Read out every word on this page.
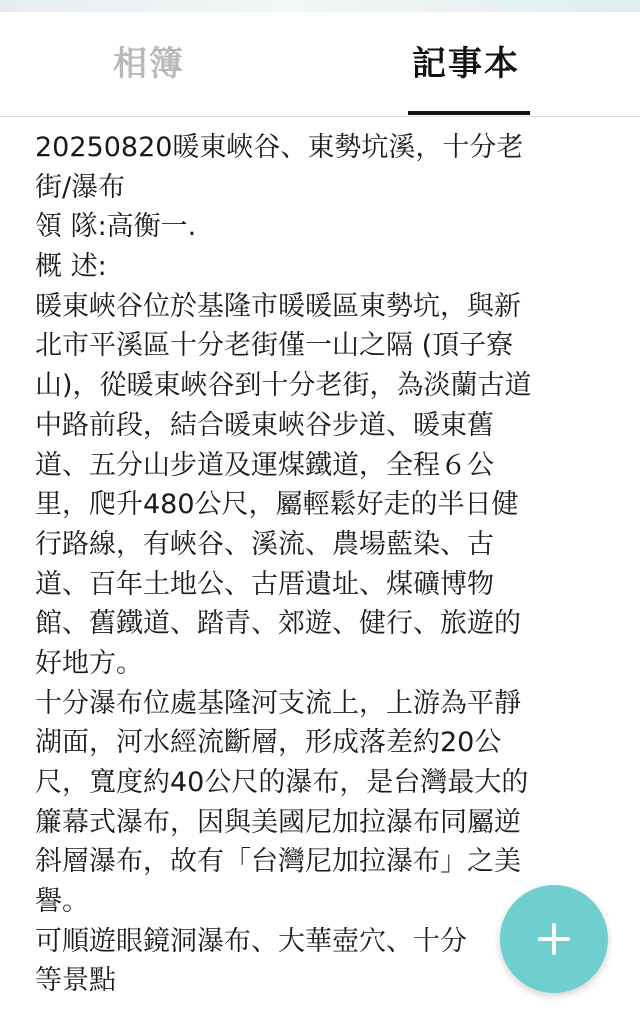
相簿	記事本
20250820暖東峽谷、東勢坑溪，十分老
街/瀑布
領 隊:高衡一.
概 述:
暖東峽谷位於基隆市暖暖區東勢坑，與新
北市平溪區十分老街僅一山之隔 (頂子寮
山)，從暖東峽谷到十分老街，為淡蘭古道
中路前段，結合暖東峽谷步道、暖東舊
道、五分山步道及運煤鐵道，全程６公
里，爬升480公尺，屬輕鬆好走的半日健
行路線，有峽谷、溪流、農場藍染、古
道、百年土地公、古厝遺址、煤礦博物
館、舊鐵道、踏青、郊遊、健行、旅遊的
好地方。
十分瀑布位處基隆河支流上，上游為平靜
湖面，河水經流斷層，形成落差約20公
尺，寬度約40公尺的瀑布，是台灣最大的
簾幕式瀑布，因與美國尼加拉瀑布同屬逆
斜層瀑布，故有「台灣尼加拉瀑布」之美
譽。
可順遊眼鏡洞瀑布、大華壺穴、十分
等景點
